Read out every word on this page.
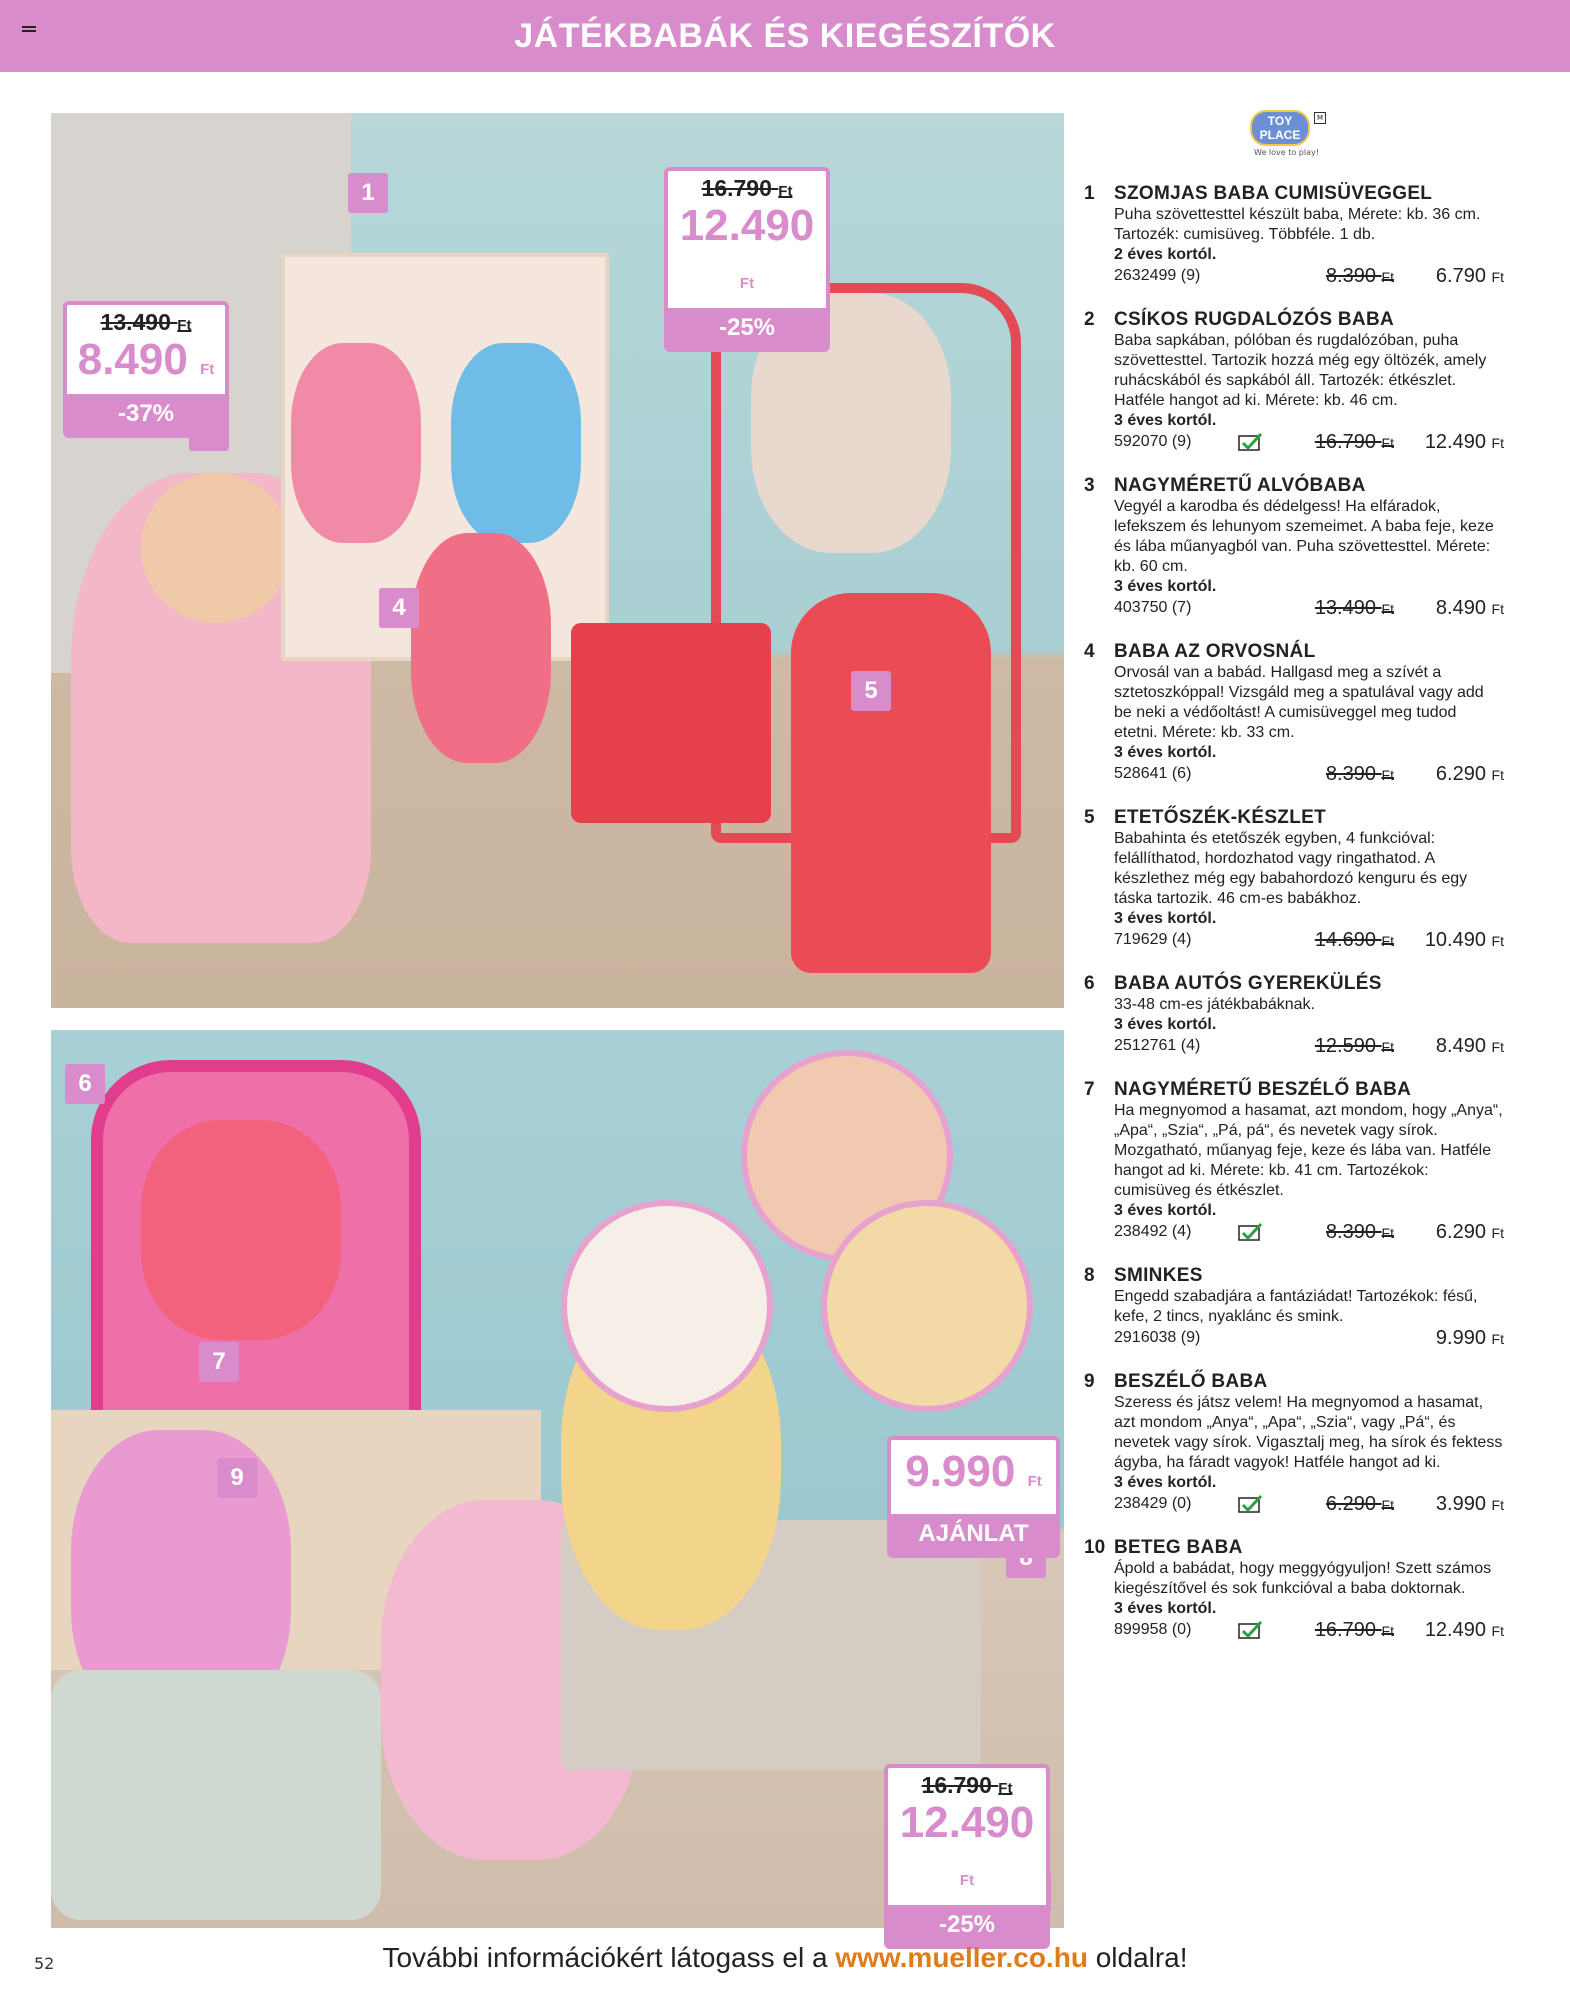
JÁTÉKBABÁK ÉS KIEGÉSZÍTŐK
1
4
5
13.490 Ft
8.490 Ft
-37%
16.790 Ft
12.490 Ft
-25%
6
7
9	9.990 Ft
AJÁNLAT
16.790 Ft
12.490 Ft
-25%
TOY PLACE
We love to play!
M
1 SZOMJAS BABA CUMISÜVEGGEL
Puha szövettesttel készült baba, Mérete: kb. 36 cm. Tartozék: cumisüveg. Többféle. 1 db.
2 éves kortól.
2632499 (9)	8.390 Ft 6.790 Ft
2 CSÍKOS RUGDALÓZÓS BABA
Baba sapkában, pólóban és rugdalózóban, puha szövettesttel. Tartozik hozzá még egy öltözék, amely ruhácskából és sapkából áll. Tartozék: étkészlet. Hatféle hangot ad ki. Mérete: kb. 46 cm.
3 éves kortól.
592070 (9)	16.790 Ft 12.490 Ft
3 NAGYMÉRETŰ ALVÓBABA
Vegyél a karodba és dédelgess! Ha elfáradok, lefekszem és lehunyom szemeimet. A baba feje, keze és lába műanyagból van. Puha szövettesttel. Mérete: kb. 60 cm.
3 éves kortól.
403750 (7)	13.490 Ft 8.490 Ft
4 BABA AZ ORVOSNÁL
Orvosál van a babád. Hallgasd meg a szívét a sztetoszkóppal! Vizsgáld meg a spatulával vagy add be neki a védőoltást! A cumisüveggel meg tudod etetni. Mérete: kb. 33 cm.
3 éves kortól.
528641 (6)	8.390 Ft 6.290 Ft
5 ETETŐSZÉK-KÉSZLET
Babahinta és etetőszék egyben, 4 funkcióval: felállíthatod, hordozhatod vagy ringathatod. A készlethez még egy babahordozó kenguru és egy táska tartozik. 46 cm-es babákhoz.
3 éves kortól.
719629 (4)	14.690 Ft 10.490 Ft
6 BABA AUTÓS GYEREKÜLÉS
33-48 cm-es játékbabáknak.
3 éves kortól.
2512761 (4)	12.590 Ft 8.490 Ft
7 NAGYMÉRETŰ BESZÉLŐ BABA
Ha megnyomod a hasamat, azt mondom, hogy „Anya“, „Apa“, „Szia“, „Pá, pá“, és nevetek vagy sírok. Mozgatható, műanyag feje, keze és lába van. Hatféle hangot ad ki. Mérete: kb. 41 cm. Tartozékok: cumisüveg és étkészlet.
3 éves kortól.
238492 (4)	8.390 Ft 6.290 Ft
8 SMINKES
Engedd szabadjára a fantáziádat! Tartozékok: fésű, kefe, 2 tincs, nyaklánc és smink.
2916038 (9)	9.990 Ft
9 BESZÉLŐ BABA
Szeress és játsz velem! Ha megnyomod a hasamat, azt mondom „Anya“, „Apa“, „Szia“, vagy „Pá“, és nevetek vagy sírok. Vigasztalj meg, ha sírok és fektess ágyba, ha fáradt vagyok! Hatféle hangot ad ki.
3 éves kortól.
238429 (0)	6.290 Ft 3.990 Ft
10 BETEG BABA
Ápold a babádat, hogy meggyógyuljon! Szett számos kiegészítővel és sok funkcióval a baba doktornak.
3 éves kortól.
899958 (0)	16.790 Ft 12.490 Ft
52	További információkért látogass el a www.mueller.co.hu oldalra!
